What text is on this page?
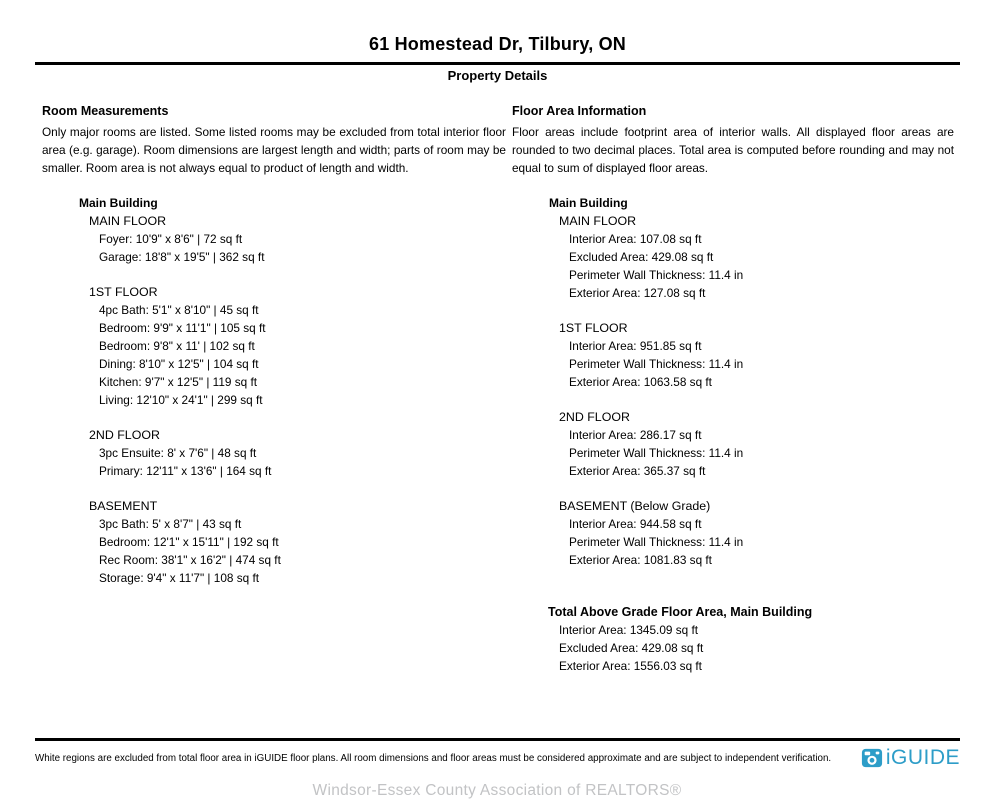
61 Homestead Dr, Tilbury, ON
Property Details
Room Measurements
Only major rooms are listed. Some listed rooms may be excluded from total interior floor area (e.g. garage). Room dimensions are largest length and width; parts of room may be smaller. Room area is not always equal to product of length and width.
Main Building
MAIN FLOOR
Foyer: 10'9" x 8'6" | 72 sq ft
Garage: 18'8" x 19'5" | 362 sq ft
1ST FLOOR
4pc Bath: 5'1" x 8'10" | 45 sq ft
Bedroom: 9'9" x 11'1" | 105 sq ft
Bedroom: 9'8" x 11' | 102 sq ft
Dining: 8'10" x 12'5" | 104 sq ft
Kitchen: 9'7" x 12'5" | 119 sq ft
Living: 12'10" x 24'1" | 299 sq ft
2ND FLOOR
3pc Ensuite: 8' x 7'6" | 48 sq ft
Primary: 12'11" x 13'6" | 164 sq ft
BASEMENT
3pc Bath: 5' x 8'7" | 43 sq ft
Bedroom: 12'1" x 15'11" | 192 sq ft
Rec Room: 38'1" x 16'2" | 474 sq ft
Storage: 9'4" x 11'7" | 108 sq ft
Floor Area Information
Floor areas include footprint area of interior walls. All displayed floor areas are rounded to two decimal places. Total area is computed before rounding and may not equal to sum of displayed floor areas.
Main Building
MAIN FLOOR
Interior Area: 107.08 sq ft
Excluded Area: 429.08 sq ft
Perimeter Wall Thickness: 11.4 in
Exterior Area: 127.08 sq ft
1ST FLOOR
Interior Area: 951.85 sq ft
Perimeter Wall Thickness: 11.4 in
Exterior Area: 1063.58 sq ft
2ND FLOOR
Interior Area: 286.17 sq ft
Perimeter Wall Thickness: 11.4 in
Exterior Area: 365.37 sq ft
BASEMENT (Below Grade)
Interior Area: 944.58 sq ft
Perimeter Wall Thickness: 11.4 in
Exterior Area: 1081.83 sq ft
Total Above Grade Floor Area, Main Building
Interior Area: 1345.09 sq ft
Excluded Area: 429.08 sq ft
Exterior Area: 1556.03 sq ft
White regions are excluded from total floor area in iGUIDE floor plans. All room dimensions and floor areas must be considered approximate and are subject to independent verification.	iGUIDE
Windsor-Essex County Association of REALTORS®
